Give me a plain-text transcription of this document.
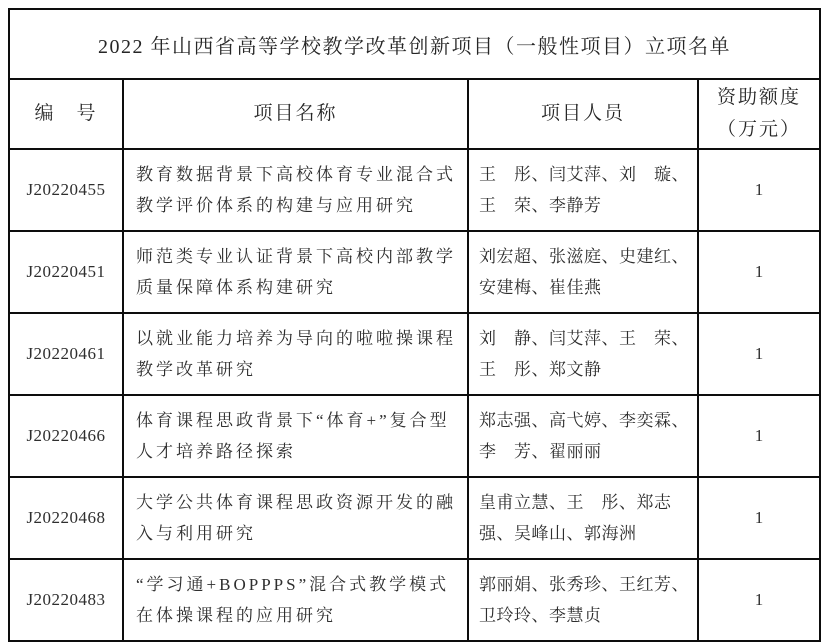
2022 年山西省高等学校教学改革创新项目（一般性项目）立项名单			
编　号	项目名称	项目人员	资助额度
（万元）

J20220455	教育数据背景下高校体育专业混合式教学评价体系的构建与应用研究	王　彤、闫艾萍、刘　璇、王　荣、李静芳	1
J20220451	师范类专业认证背景下高校内部教学质量保障体系构建研究	刘宏超、张滋庭、史建红、安建梅、崔佳燕	1
J20220461	以就业能力培养为导向的啦啦操课程教学改革研究	刘　静、闫艾萍、王　荣、王　彤、郑文静	1
J20220466	体育课程思政背景下“体育+”复合型人才培养路径探索	郑志强、高弋婷、李奕霖、李　芳、翟丽丽	1
J20220468	大学公共体育课程思政资源开发的融入与利用研究	皇甫立慧、王　彤、郑志强、吴峰山、郭海洲	1
J20220483	“学习通+BOPPPS”混合式教学模式在体操课程的应用研究	郭丽娟、张秀珍、王红芳、卫玲玲、李慧贞	1
